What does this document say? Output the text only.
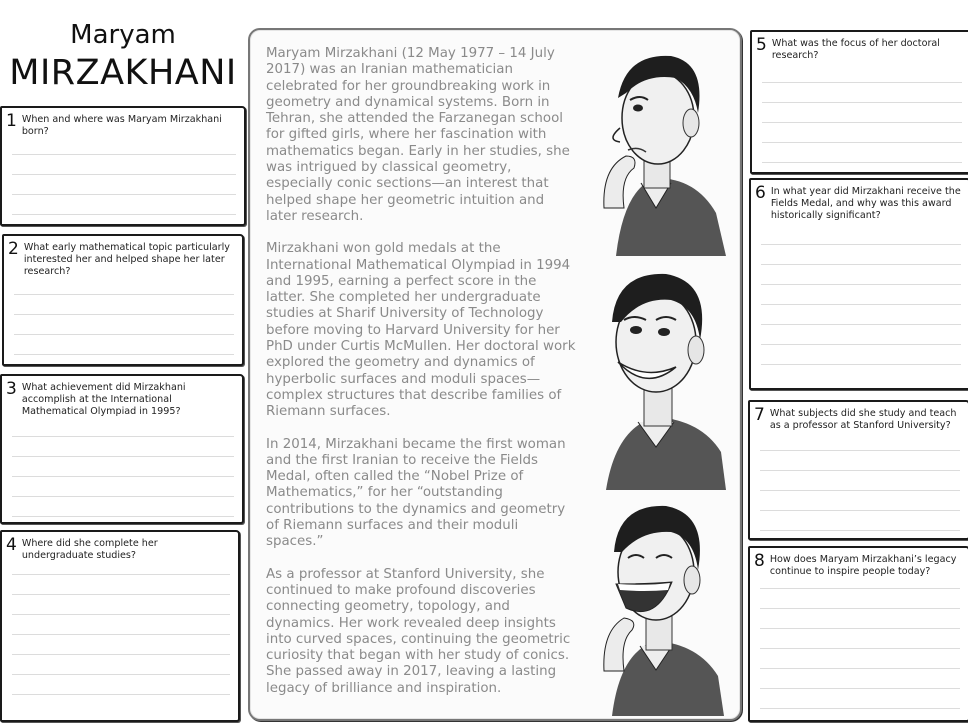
Maryam
MIRZAKHANI
1 When and where was Maryam Mirzakhani born?
2 What early mathematical topic particularly interested her and helped shape her later research?
3 What achievement did Mirzakhani accomplish at the International Mathematical Olympiad in 1995?
4 Where did she complete her undergraduate studies?

Maryam Mirzakhani (12 May 1977 – 14 July 2017) was an Iranian mathematician celebrated for her groundbreaking work in geometry and dynamical systems. Born in Tehran, she attended the Farzanegan school for gifted girls, where her fascination with mathematics began. Early in her studies, she was intrigued by classical geometry, especially conic sections—an interest that helped shape her geometric intuition and later research.

Mirzakhani won gold medals at the International Mathematical Olympiad in 1994 and 1995, earning a perfect score in the latter. She completed her undergraduate studies at Sharif University of Technology before moving to Harvard University for her PhD under Curtis McMullen. Her doctoral work explored the geometry and dynamics of hyperbolic surfaces and moduli spaces—complex structures that describe families of Riemann surfaces.

In 2014, Mirzakhani became the first woman and the first Iranian to receive the Fields Medal, often called the “Nobel Prize of Mathematics,” for her “outstanding contributions to the dynamics and geometry of Riemann surfaces and their moduli spaces.”

As a professor at Stanford University, she continued to make profound discoveries connecting geometry, topology, and dynamics. Her work revealed deep insights into curved spaces, continuing the geometric curiosity that began with her study of conics. She passed away in 2017, leaving a lasting legacy of brilliance and inspiration.

5 What was the focus of her doctoral research?
6 In what year did Mirzakhani receive the Fields Medal, and why was this award historically significant?
7 What subjects did she study and teach as a professor at Stanford University?
8 How does Maryam Mirzakhani’s legacy continue to inspire people today?
